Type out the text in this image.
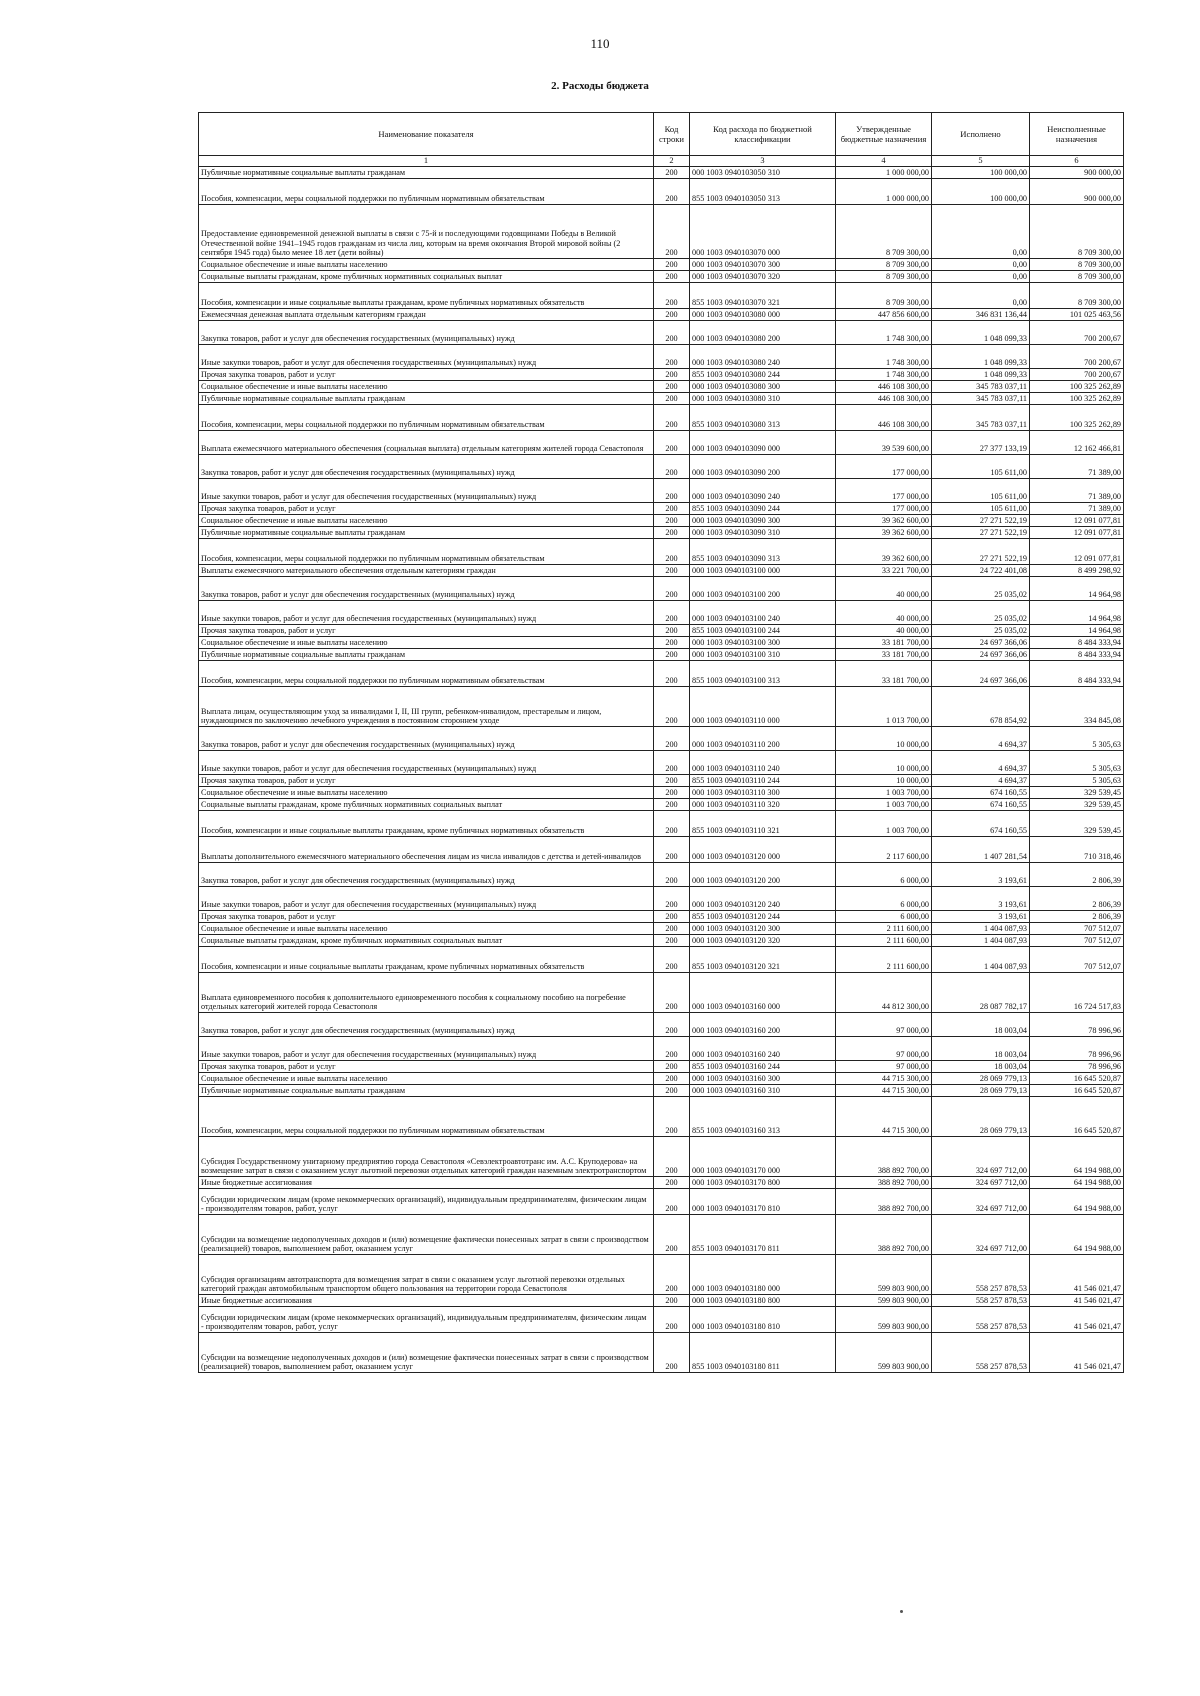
110
2. Расходы бюджета
Наименование показателя	Код строки	Код расхода по бюджетной классификации	Утвержденные бюджетные назначения	Исполнено	Неисполненные назначения
1	2	3	4	5	6
Публичные нормативные социальные выплаты гражданам	200	000 1003 0940103050 310	1 000 000,00	100 000,00	900 000,00
Пособия, компенсации, меры социальной поддержки по публичным нормативным обязательствам	200	855 1003 0940103050 313	1 000 000,00	100 000,00	900 000,00
Предоставление единовременной денежной выплаты в связи с 75-й и последующими годовщинами Победы в Великой Отечественной войне 1941–1945 годов гражданам из числа лиц, которым на время окончания Второй мировой войны (2 сентября 1945 года) было менее 18 лет (дети войны)	200	000 1003 0940103070 000	8 709 300,00	0,00	8 709 300,00
Социальное обеспечение и иные выплаты населению	200	000 1003 0940103070 300	8 709 300,00	0,00	8 709 300,00
Социальные выплаты гражданам, кроме публичных нормативных социальных выплат	200	000 1003 0940103070 320	8 709 300,00	0,00	8 709 300,00
Пособия, компенсации и иные социальные выплаты гражданам, кроме публичных нормативных обязательств	200	855 1003 0940103070 321	8 709 300,00	0,00	8 709 300,00
Ежемесячная денежная выплата отдельным категориям граждан	200	000 1003 0940103080 000	447 856 600,00	346 831 136,44	101 025 463,56
Закупка товаров, работ и услуг для обеспечения государственных (муниципальных) нужд	200	000 1003 0940103080 200	1 748 300,00	1 048 099,33	700 200,67
Иные закупки товаров, работ и услуг для обеспечения государственных (муниципальных) нужд	200	000 1003 0940103080 240	1 748 300,00	1 048 099,33	700 200,67
Прочая закупка товаров, работ и услуг	200	855 1003 0940103080 244	1 748 300,00	1 048 099,33	700 200,67
Социальное обеспечение и иные выплаты населению	200	000 1003 0940103080 300	446 108 300,00	345 783 037,11	100 325 262,89
Публичные нормативные социальные выплаты гражданам	200	000 1003 0940103080 310	446 108 300,00	345 783 037,11	100 325 262,89
Пособия, компенсации, меры социальной поддержки по публичным нормативным обязательствам	200	855 1003 0940103080 313	446 108 300,00	345 783 037,11	100 325 262,89
Выплата ежемесячного материального обеспечения (социальная выплата) отдельным категориям жителей города Севастополя	200	000 1003 0940103090 000	39 539 600,00	27 377 133,19	12 162 466,81
Закупка товаров, работ и услуг для обеспечения государственных (муниципальных) нужд	200	000 1003 0940103090 200	177 000,00	105 611,00	71 389,00
Иные закупки товаров, работ и услуг для обеспечения государственных (муниципальных) нужд	200	000 1003 0940103090 240	177 000,00	105 611,00	71 389,00
Прочая закупка товаров, работ и услуг	200	855 1003 0940103090 244	177 000,00	105 611,00	71 389,00
Социальное обеспечение и иные выплаты населению	200	000 1003 0940103090 300	39 362 600,00	27 271 522,19	12 091 077,81
Публичные нормативные социальные выплаты гражданам	200	000 1003 0940103090 310	39 362 600,00	27 271 522,19	12 091 077,81
Пособия, компенсации, меры социальной поддержки по публичным нормативным обязательствам	200	855 1003 0940103090 313	39 362 600,00	27 271 522,19	12 091 077,81
Выплаты ежемесячного материального обеспечения отдельным категориям граждан	200	000 1003 0940103100 000	33 221 700,00	24 722 401,08	8 499 298,92
Закупка товаров, работ и услуг для обеспечения государственных (муниципальных) нужд	200	000 1003 0940103100 200	40 000,00	25 035,02	14 964,98
Иные закупки товаров, работ и услуг для обеспечения государственных (муниципальных) нужд	200	000 1003 0940103100 240	40 000,00	25 035,02	14 964,98
Прочая закупка товаров, работ и услуг	200	855 1003 0940103100 244	40 000,00	25 035,02	14 964,98
Социальное обеспечение и иные выплаты населению	200	000 1003 0940103100 300	33 181 700,00	24 697 366,06	8 484 333,94
Публичные нормативные социальные выплаты гражданам	200	000 1003 0940103100 310	33 181 700,00	24 697 366,06	8 484 333,94
Пособия, компенсации, меры социальной поддержки по публичным нормативным обязательствам	200	855 1003 0940103100 313	33 181 700,00	24 697 366,06	8 484 333,94
Выплата лицам, осуществляющим уход за инвалидами I, II, III групп, ребенком-инвалидом, престарелым и лицом, нуждающимся по заключению лечебного учреждения в постоянном стороннем уходе	200	000 1003 0940103110 000	1 013 700,00	678 854,92	334 845,08
Закупка товаров, работ и услуг для обеспечения государственных (муниципальных) нужд	200	000 1003 0940103110 200	10 000,00	4 694,37	5 305,63
Иные закупки товаров, работ и услуг для обеспечения государственных (муниципальных) нужд	200	000 1003 0940103110 240	10 000,00	4 694,37	5 305,63
Прочая закупка товаров, работ и услуг	200	855 1003 0940103110 244	10 000,00	4 694,37	5 305,63
Социальное обеспечение и иные выплаты населению	200	000 1003 0940103110 300	1 003 700,00	674 160,55	329 539,45
Социальные выплаты гражданам, кроме публичных нормативных социальных выплат	200	000 1003 0940103110 320	1 003 700,00	674 160,55	329 539,45
Пособия, компенсации и иные социальные выплаты гражданам, кроме публичных нормативных обязательств	200	855 1003 0940103110 321	1 003 700,00	674 160,55	329 539,45
Выплаты дополнительного ежемесячного материального обеспечения лицам из числа инвалидов с детства и детей-инвалидов	200	000 1003 0940103120 000	2 117 600,00	1 407 281,54	710 318,46
Закупка товаров, работ и услуг для обеспечения государственных (муниципальных) нужд	200	000 1003 0940103120 200	6 000,00	3 193,61	2 806,39
Иные закупки товаров, работ и услуг для обеспечения государственных (муниципальных) нужд	200	000 1003 0940103120 240	6 000,00	3 193,61	2 806,39
Прочая закупка товаров, работ и услуг	200	855 1003 0940103120 244	6 000,00	3 193,61	2 806,39
Социальное обеспечение и иные выплаты населению	200	000 1003 0940103120 300	2 111 600,00	1 404 087,93	707 512,07
Социальные выплаты гражданам, кроме публичных нормативных социальных выплат	200	000 1003 0940103120 320	2 111 600,00	1 404 087,93	707 512,07
Пособия, компенсации и иные социальные выплаты гражданам, кроме публичных нормативных обязательств	200	855 1003 0940103120 321	2 111 600,00	1 404 087,93	707 512,07
Выплата единовременного пособия к дополнительного единовременного пособия к социальному пособию на погребение отдельных категорий жителей города Севастополя	200	000 1003 0940103160 000	44 812 300,00	28 087 782,17	16 724 517,83
Закупка товаров, работ и услуг для обеспечения государственных (муниципальных) нужд	200	000 1003 0940103160 200	97 000,00	18 003,04	78 996,96
Иные закупки товаров, работ и услуг для обеспечения государственных (муниципальных) нужд	200	000 1003 0940103160 240	97 000,00	18 003,04	78 996,96
Прочая закупка товаров, работ и услуг	200	855 1003 0940103160 244	97 000,00	18 003,04	78 996,96
Социальное обеспечение и иные выплаты населению	200	000 1003 0940103160 300	44 715 300,00	28 069 779,13	16 645 520,87
Публичные нормативные социальные выплаты гражданам	200	000 1003 0940103160 310	44 715 300,00	28 069 779,13	16 645 520,87
Пособия, компенсации, меры социальной поддержки по публичным нормативным обязательствам	200	855 1003 0940103160 313	44 715 300,00	28 069 779,13	16 645 520,87
Субсидия Государственному унитарному предприятию города Севастополя «Севэлектроавтотранс им. А.С. Круподерова» на возмещение затрат в связи с оказанием услуг льготной перевозки отдельных категорий граждан наземным электротранспортом	200	000 1003 0940103170 000	388 892 700,00	324 697 712,00	64 194 988,00
Иные бюджетные ассигнования	200	000 1003 0940103170 800	388 892 700,00	324 697 712,00	64 194 988,00
Субсидии юридическим лицам (кроме некоммерческих организаций), индивидуальным предпринимателям, физическим лицам - производителям товаров, работ, услуг	200	000 1003 0940103170 810	388 892 700,00	324 697 712,00	64 194 988,00
Субсидии на возмещение недополученных доходов и (или) возмещение фактически понесенных затрат в связи с производством (реализацией) товаров, выполнением работ, оказанием услуг	200	855 1003 0940103170 811	388 892 700,00	324 697 712,00	64 194 988,00
Субсидия организациям автотранспорта для возмещения затрат в связи с оказанием услуг льготной перевозки отдельных категорий граждан автомобильным транспортом общего пользования на территории города Севастополя	200	000 1003 0940103180 000	599 803 900,00	558 257 878,53	41 546 021,47
Иные бюджетные ассигнования	200	000 1003 0940103180 800	599 803 900,00	558 257 878,53	41 546 021,47
Субсидии юридическим лицам (кроме некоммерческих организаций), индивидуальным предпринимателям, физическим лицам - производителям товаров, работ, услуг	200	000 1003 0940103180 810	599 803 900,00	558 257 878,53	41 546 021,47
Субсидии на возмещение недополученных доходов и (или) возмещение фактически понесенных затрат в связи с производством (реализацией) товаров, выполнением работ, оказанием услуг	200	855 1003 0940103180 811	599 803 900,00	558 257 878,53	41 546 021,47
